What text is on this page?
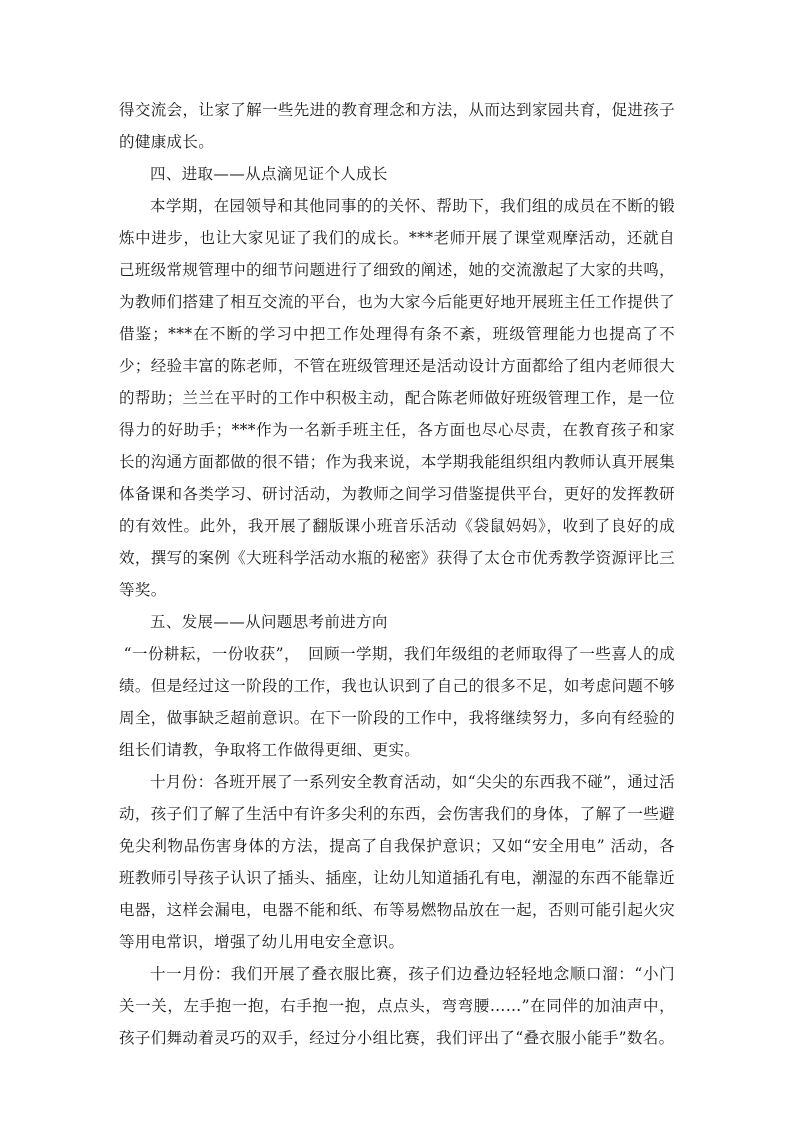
得交流会，让家了解一些先进的教育理念和方法，从而达到家园共育，促进孩子的健康成长。

四、进取——从点滴见证个人成长

本学期，在园领导和其他同事的的关怀、帮助下，我们组的成员在不断的锻炼中进步，也让大家见证了我们的成长。***老师开展了课堂观摩活动，还就自己班级常规管理中的细节问题进行了细致的阐述，她的交流激起了大家的共鸣，为教师们搭建了相互交流的平台，也为大家今后能更好地开展班主任工作提供了借鉴；***在不断的学习中把工作处理得有条不紊，班级管理能力也提高了不少；经验丰富的陈老师，不管在班级管理还是活动设计方面都给了组内老师很大的帮助；兰兰在平时的工作中积极主动，配合陈老师做好班级管理工作，是一位得力的好助手；***作为一名新手班主任，各方面也尽心尽责，在教育孩子和家长的沟通方面都做的很不错；作为我来说，本学期我能组织组内教师认真开展集体备课和各类学习、研讨活动，为教师之间学习借鉴提供平台，更好的发挥教研的有效性。此外，我开展了翻版课小班音乐活动《袋鼠妈妈》，收到了良好的成效，撰写的案例《大班科学活动水瓶的秘密》获得了太仓市优秀教学资源评比三等奖。

五、发展——从问题思考前进方向

“一份耕耘，一份收获”，　回顾一学期，我们年级组的老师取得了一些喜人的成绩。但是经过这一阶段的工作，我也认识到了自己的很多不足，如考虑问题不够周全，做事缺乏超前意识。在下一阶段的工作中，我将继续努力，多向有经验的组长们请教，争取将工作做得更细、更实。

十月份：各班开展了一系列安全教育活动，如“尖尖的东西我不碰”，通过活动，孩子们了解了生活中有许多尖利的东西，会伤害我们的身体，了解了一些避免尖利物品伤害身体的方法，提高了自我保护意识；又如“安全用电” 活动，各班教师引导孩子认识了插头、插座，让幼儿知道插孔有电，潮湿的东西不能靠近电器，这样会漏电，电器不能和纸、布等易燃物品放在一起，否则可能引起火灾等用电常识，增强了幼儿用电安全意识。

十一月份：我们开展了叠衣服比赛，孩子们边叠边轻轻地念顺口溜：“小门关一关，左手抱一抱，右手抱一抱，点点头，弯弯腰……”在同伴的加油声中，孩子们舞动着灵巧的双手，经过分小组比赛，我们评出了“叠衣服小能手”数名。
